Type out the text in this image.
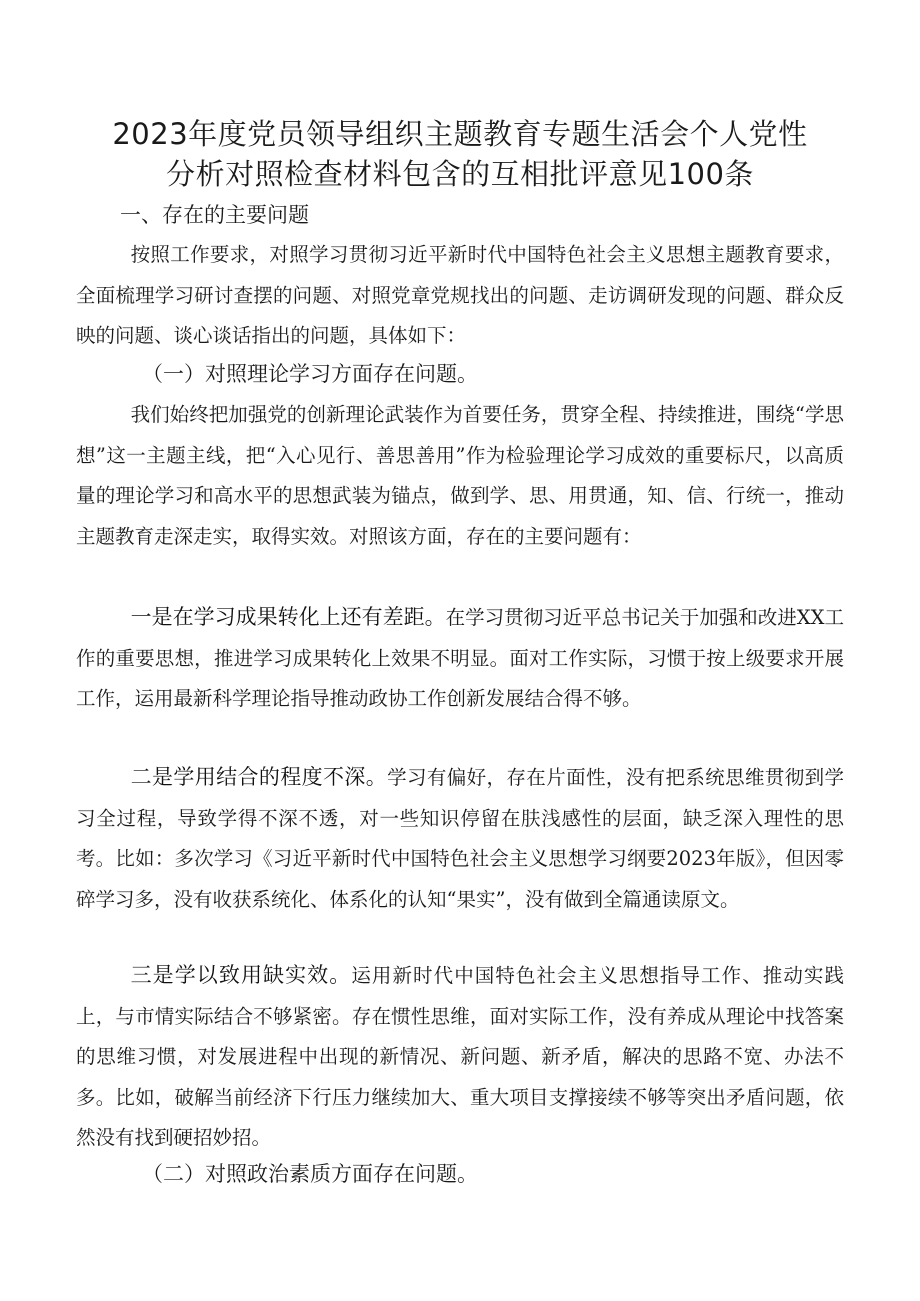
2023年度党员领导组织主题教育专题生活会个人党性
分析对照检查材料包含的互相批评意见100条
一、存在的主要问题
按照工作要求，对照学习贯彻习近平新时代中国特色社会主义思想主题教育要求，全面梳理学习研讨查摆的问题、对照党章党规找出的问题、走访调研发现的问题、群众反映的问题、谈心谈话指出的问题，具体如下：
（一）对照理论学习方面存在问题。
我们始终把加强党的创新理论武装作为首要任务，贯穿全程、持续推进，围绕“学思想”这一主题主线，把“入心见行、善思善用”作为检验理论学习成效的重要标尺，以高质量的理论学习和高水平的思想武装为锚点，做到学、思、用贯通，知、信、行统一，推动主题教育走深走实，取得实效。对照该方面，存在的主要问题有：
一是在学习成果转化上还有差距。在学习贯彻习近平总书记关于加强和改进XX工作的重要思想，推进学习成果转化上效果不明显。面对工作实际，习惯于按上级要求开展工作，运用最新科学理论指导推动政协工作创新发展结合得不够。
二是学用结合的程度不深。学习有偏好，存在片面性，没有把系统思维贯彻到学习全过程，导致学得不深不透，对一些知识停留在肤浅感性的层面，缺乏深入理性的思考。比如：多次学习《习近平新时代中国特色社会主义思想学习纲要2023年版》，但因零碎学习多，没有收获系统化、体系化的认知“果实”，没有做到全篇通读原文。
三是学以致用缺实效。运用新时代中国特色社会主义思想指导工作、推动实践上，与市情实际结合不够紧密。存在惯性思维，面对实际工作，没有养成从理论中找答案的思维习惯，对发展进程中出现的新情况、新问题、新矛盾，解决的思路不宽、办法不多。比如，破解当前经济下行压力继续加大、重大项目支撑接续不够等突出矛盾问题，依然没有找到硬招妙招。
（二）对照政治素质方面存在问题。
